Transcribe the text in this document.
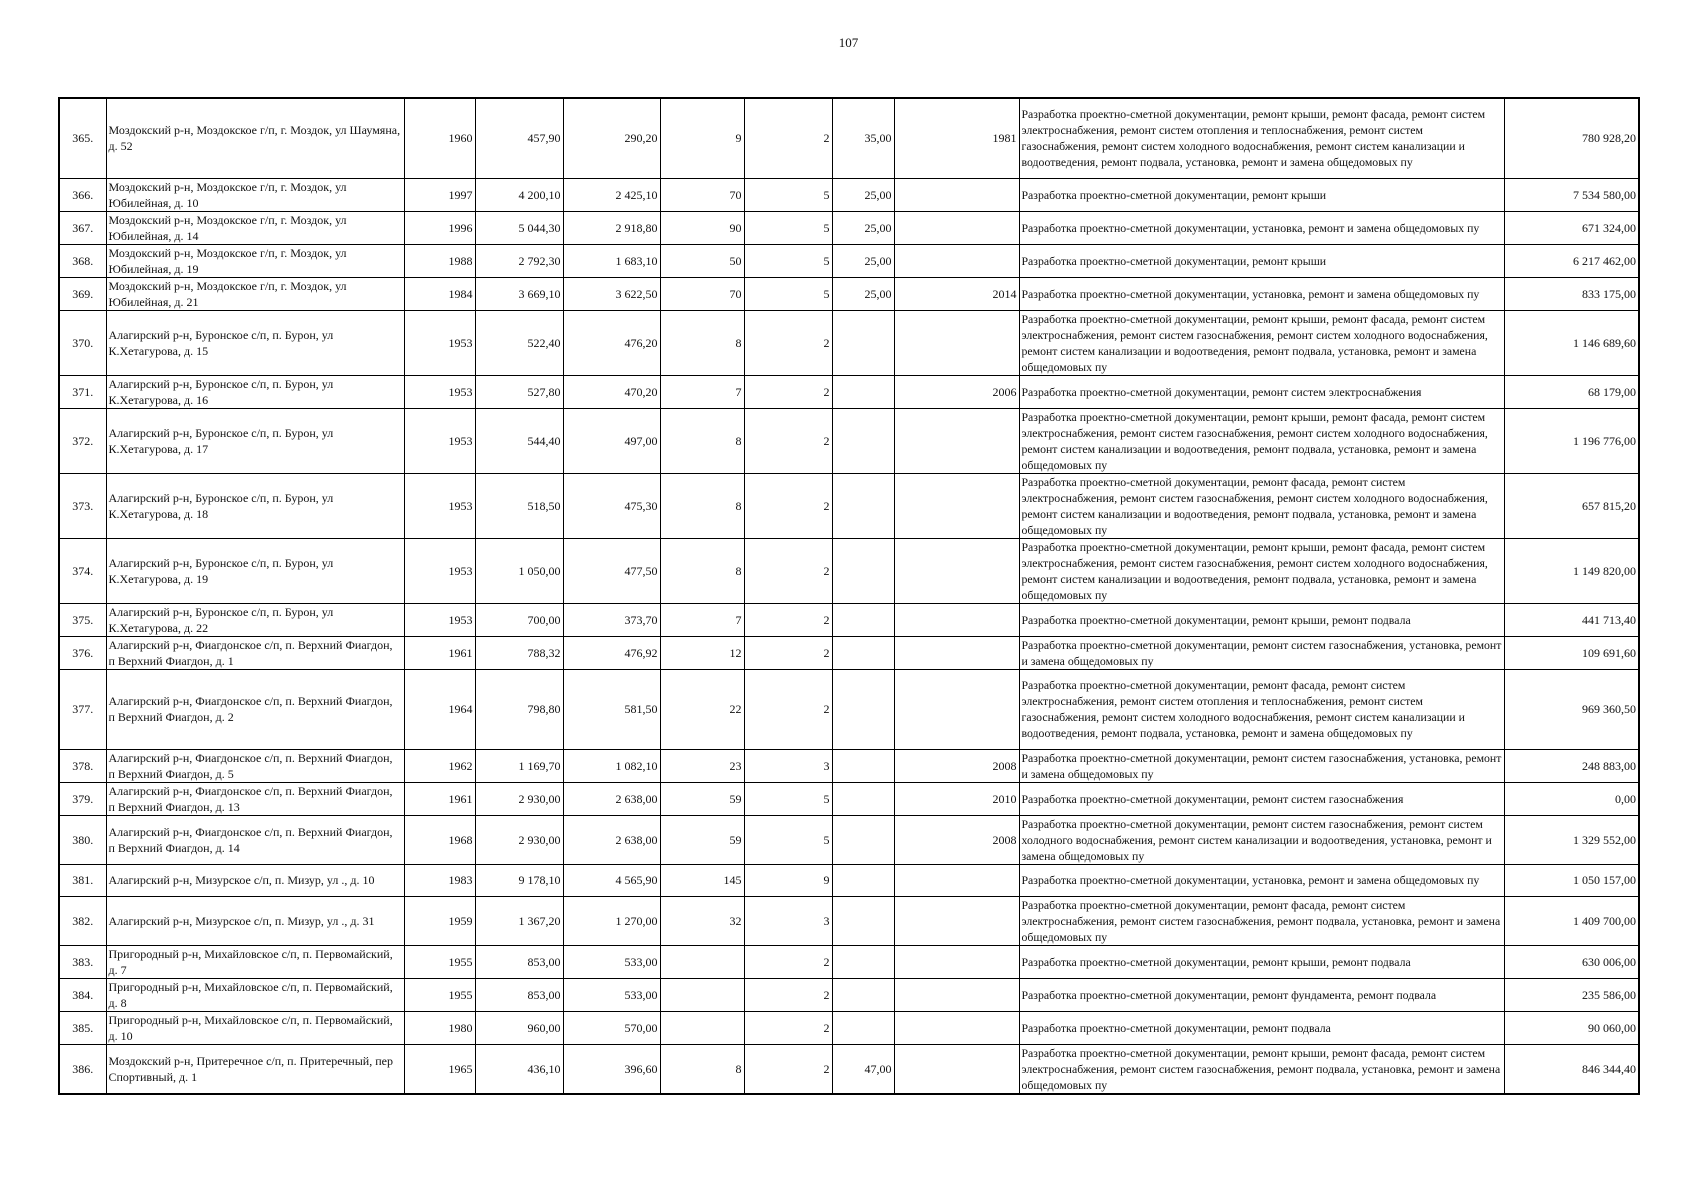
107
365.	Моздокский р-н, Моздокское г/п, г. Моздок, ул Шаумяна, д. 52	1960	457,90	290,20	9	2	35,00	1981	Разработка проектно-сметной документации, ремонт крыши, ремонт фасада, ремонт систем электроснабжения, ремонт систем отопления и теплоснабжения, ремонт систем газоснабжения, ремонт систем холодного водоснабжения, ремонт систем канализации и водоотведения, ремонт подвала, установка, ремонт и замена общедомовых пу	780 928,20
366.	Моздокский р-н, Моздокское г/п, г. Моздок, ул Юбилейная, д. 10	1997	4 200,10	2 425,10	70	5	25,00		Разработка проектно-сметной документации, ремонт крыши	7 534 580,00
367.	Моздокский р-н, Моздокское г/п, г. Моздок, ул Юбилейная, д. 14	1996	5 044,30	2 918,80	90	5	25,00		Разработка проектно-сметной документации, установка, ремонт и замена общедомовых пу	671 324,00
368.	Моздокский р-н, Моздокское г/п, г. Моздок, ул Юбилейная, д. 19	1988	2 792,30	1 683,10	50	5	25,00		Разработка проектно-сметной документации, ремонт крыши	6 217 462,00
369.	Моздокский р-н, Моздокское г/п, г. Моздок, ул Юбилейная, д. 21	1984	3 669,10	3 622,50	70	5	25,00	2014	Разработка проектно-сметной документации, установка, ремонт и замена общедомовых пу	833 175,00
370.	Алагирский р-н, Буронское с/п, п. Бурон, ул К.Хетагурова, д. 15	1953	522,40	476,20	8	2			Разработка проектно-сметной документации, ремонт крыши, ремонт фасада, ремонт систем электроснабжения, ремонт систем газоснабжения, ремонт систем холодного водоснабжения, ремонт систем канализации и водоотведения, ремонт подвала, установка, ремонт и замена общедомовых пу	1 146 689,60
371.	Алагирский р-н, Буронское с/п, п. Бурон, ул К.Хетагурова, д. 16	1953	527,80	470,20	7	2		2006	Разработка проектно-сметной документации, ремонт систем электроснабжения	68 179,00
372.	Алагирский р-н, Буронское с/п, п. Бурон, ул К.Хетагурова, д. 17	1953	544,40	497,00	8	2			Разработка проектно-сметной документации, ремонт крыши, ремонт фасада, ремонт систем электроснабжения, ремонт систем газоснабжения, ремонт систем холодного водоснабжения, ремонт систем канализации и водоотведения, ремонт подвала, установка, ремонт и замена общедомовых пу	1 196 776,00
373.	Алагирский р-н, Буронское с/п, п. Бурон, ул К.Хетагурова, д. 18	1953	518,50	475,30	8	2			Разработка проектно-сметной документации, ремонт фасада, ремонт систем электроснабжения, ремонт систем газоснабжения, ремонт систем холодного водоснабжения, ремонт систем канализации и водоотведения, ремонт подвала, установка, ремонт и замена общедомовых пу	657 815,20
374.	Алагирский р-н, Буронское с/п, п. Бурон, ул К.Хетагурова, д. 19	1953	1 050,00	477,50	8	2			Разработка проектно-сметной документации, ремонт крыши, ремонт фасада, ремонт систем электроснабжения, ремонт систем газоснабжения, ремонт систем холодного водоснабжения, ремонт систем канализации и водоотведения, ремонт подвала, установка, ремонт и замена общедомовых пу	1 149 820,00
375.	Алагирский р-н, Буронское с/п, п. Бурон, ул К.Хетагурова, д. 22	1953	700,00	373,70	7	2			Разработка проектно-сметной документации, ремонт крыши, ремонт подвала	441 713,40
376.	Алагирский р-н, Фиагдонское с/п, п. Верхний Фиагдон, п Верхний Фиагдон, д. 1	1961	788,32	476,92	12	2			Разработка проектно-сметной документации, ремонт систем газоснабжения, установка, ремонт и замена общедомовых пу	109 691,60
377.	Алагирский р-н, Фиагдонское с/п, п. Верхний Фиагдон, п Верхний Фиагдон, д. 2	1964	798,80	581,50	22	2			Разработка проектно-сметной документации, ремонт фасада, ремонт систем электроснабжения, ремонт систем отопления и теплоснабжения, ремонт систем газоснабжения, ремонт систем холодного водоснабжения, ремонт систем канализации и водоотведения, ремонт подвала, установка, ремонт и замена общедомовых пу	969 360,50
378.	Алагирский р-н, Фиагдонское с/п, п. Верхний Фиагдон, п Верхний Фиагдон, д. 5	1962	1 169,70	1 082,10	23	3		2008	Разработка проектно-сметной документации, ремонт систем газоснабжения, установка, ремонт и замена общедомовых пу	248 883,00
379.	Алагирский р-н, Фиагдонское с/п, п. Верхний Фиагдон, п Верхний Фиагдон, д. 13	1961	2 930,00	2 638,00	59	5		2010	Разработка проектно-сметной документации, ремонт систем газоснабжения	0,00
380.	Алагирский р-н, Фиагдонское с/п, п. Верхний Фиагдон, п Верхний Фиагдон, д. 14	1968	2 930,00	2 638,00	59	5		2008	Разработка проектно-сметной документации, ремонт систем газоснабжения, ремонт систем холодного водоснабжения, ремонт систем канализации и водоотведения, установка, ремонт и замена общедомовых пу	1 329 552,00
381.	Алагирский р-н, Мизурское с/п, п. Мизур, ул ., д. 10	1983	9 178,10	4 565,90	145	9			Разработка проектно-сметной документации, установка, ремонт и замена общедомовых пу	1 050 157,00
382.	Алагирский р-н, Мизурское с/п, п. Мизур, ул ., д. 31	1959	1 367,20	1 270,00	32	3			Разработка проектно-сметной документации, ремонт фасада, ремонт систем электроснабжения, ремонт систем газоснабжения, ремонт подвала, установка, ремонт и замена общедомовых пу	1 409 700,00
383.	Пригородный р-н, Михайловское с/п, п. Первомайский, д. 7	1955	853,00	533,00		2			Разработка проектно-сметной документации, ремонт крыши, ремонт подвала	630 006,00
384.	Пригородный р-н, Михайловское с/п, п. Первомайский, д. 8	1955	853,00	533,00		2			Разработка проектно-сметной документации, ремонт фундамента, ремонт подвала	235 586,00
385.	Пригородный р-н, Михайловское с/п, п. Первомайский, д. 10	1980	960,00	570,00		2			Разработка проектно-сметной документации, ремонт подвала	90 060,00
386.	Моздокский р-н, Притеречное с/п, п. Притеречный, пер Спортивный, д. 1	1965	436,10	396,60	8	2	47,00		Разработка проектно-сметной документации, ремонт крыши, ремонт фасада, ремонт систем электроснабжения, ремонт систем газоснабжения, ремонт подвала, установка, ремонт и замена общедомовых пу	846 344,40
